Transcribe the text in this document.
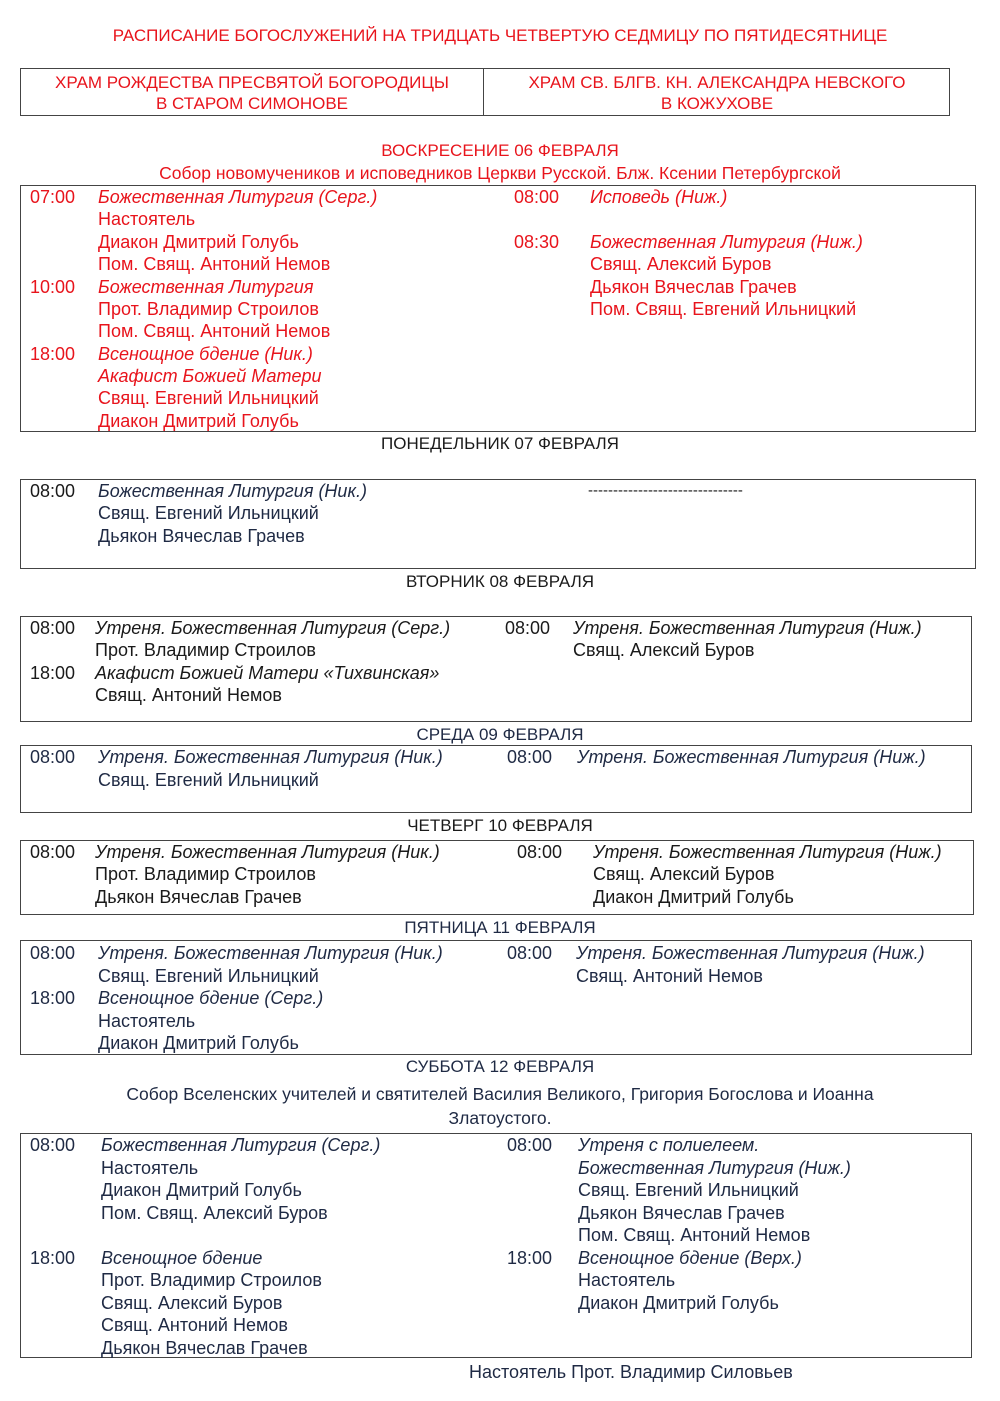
РАСПИСАНИЕ БОГОСЛУЖЕНИЙ НА ТРИДЦАТЬ ЧЕТВЕРТУЮ СЕДМИЦУ ПО ПЯТИДЕСЯТНИЦЕ
ХРАМ РОЖДЕСТВА ПРЕСВЯТОЙ БОГОРОДИЦЫ
В СТАРОМ СИМОНОВЕ
ХРАМ СВ. БЛГВ. КН. АЛЕКСАНДРА НЕВСКОГО
В КОЖУХОВЕ
ВОСКРЕСЕНИЕ 06 ФЕВРАЛЯ
Собор новомучеников и исповедников Церкви Русской. Блж. Ксении Петербургской
07:00 Божественная Литургия (Серг.)
Настоятель
Диакон Дмитрий Голубь
Пом. Свящ. Антоний Немов
10:00 Божественная Литургия
Прот. Владимир Строилов
Пом. Свящ. Антоний Немов
18:00 Всенощное бдение (Ник.)
Акафист Божией Матери
Свящ. Евгений Ильницкий
Диакон Дмитрий Голубь
08:00 Исповедь (Ниж.)
08:30 Божественная Литургия (Ниж.)
Свящ. Алексий Буров
Дьякон Вячеслав Грачев
Пом. Свящ. Евгений Ильницкий
ПОНЕДЕЛЬНИК 07 ФЕВРАЛЯ
08:00 Божественная Литургия (Ник.)
Свящ. Евгений Ильницкий
Дьякон Вячеслав Грачев
-------------------------------
ВТОРНИК 08 ФЕВРАЛЯ
08:00 Утреня. Божественная Литургия (Серг.)
Прот. Владимир Строилов
18:00 Акафист Божией Матери «Тихвинская»
Свящ. Антоний Немов
08:00 Утреня. Божественная Литургия (Ниж.)
Свящ. Алексий Буров
СРЕДА 09 ФЕВРАЛЯ
08:00 Утреня. Божественная Литургия (Ник.)
Свящ. Евгений Ильницкий
08:00 Утреня. Божественная Литургия (Ниж.)
ЧЕТВЕРГ 10 ФЕВРАЛЯ
08:00 Утреня. Божественная Литургия (Ник.)
Прот. Владимир Строилов
Дьякон Вячеслав Грачев
08:00 Утреня. Божественная Литургия (Ниж.)
Свящ. Алексий Буров
Диакон Дмитрий Голубь
ПЯТНИЦА 11 ФЕВРАЛЯ
08:00 Утреня. Божественная Литургия (Ник.)
Свящ. Евгений Ильницкий
18:00 Всенощное бдение (Серг.)
Настоятель
Диакон Дмитрий Голубь
08:00 Утреня. Божественная Литургия (Ниж.)
Свящ. Антоний Немов
СУББОТА 12 ФЕВРАЛЯ
Собор Вселенских учителей и святителей Василия Великого, Григория Богослова и Иоанна
Златоустого.
08:00 Божественная Литургия (Серг.)
Настоятель
Диакон Дмитрий Голубь
Пом. Свящ. Алексий Буров
18:00 Всенощное бдение
Прот. Владимир Строилов
Свящ. Алексий Буров
Свящ. Антоний Немов
Дьякон Вячеслав Грачев
08:00 Утреня с полиелеем.
Божественная Литургия (Ниж.)
Свящ. Евгений Ильницкий
Дьякон Вячеслав Грачев
Пом. Свящ. Антоний Немов
18:00 Всенощное бдение (Верх.)
Настоятель
Диакон Дмитрий Голубь
Настоятель Прот. Владимир Силовьев
